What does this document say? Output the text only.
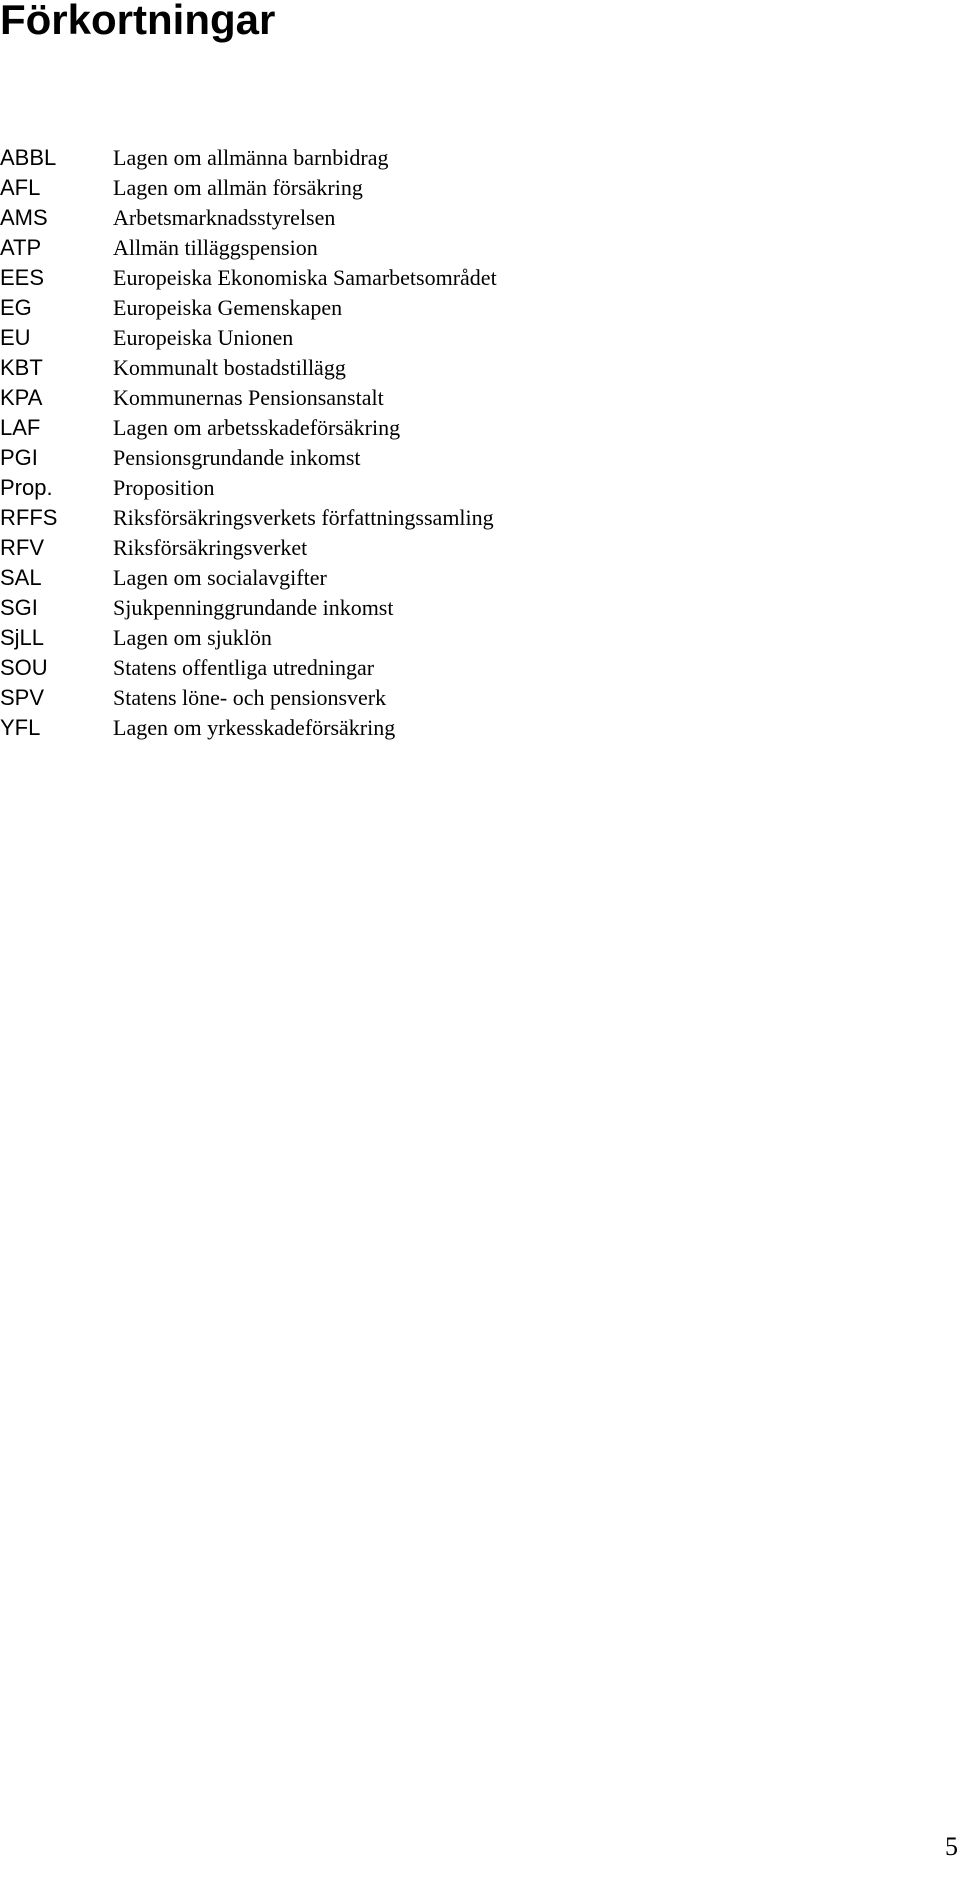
Förkortningar
ABBL	Lagen om allmänna barnbidrag
AFL	Lagen om allmän försäkring
AMS	Arbetsmarknadsstyrelsen
ATP	Allmän tilläggspension
EES	Europeiska Ekonomiska Samarbetsområdet
EG	Europeiska Gemenskapen
EU	Europeiska Unionen
KBT	Kommunalt bostadstillägg
KPA	Kommunernas Pensionsanstalt
LAF	Lagen om arbetsskadeförsäkring
PGI	Pensionsgrundande inkomst
Prop.	Proposition
RFFS	Riksförsäkringsverkets författningssamling
RFV	Riksförsäkringsverket
SAL	Lagen om socialavgifter
SGI	Sjukpenninggrundande inkomst
SjLL	Lagen om sjuklön
SOU	Statens offentliga utredningar
SPV	Statens löne- och pensionsverk
YFL	Lagen om yrkesskadeförsäkring
5
